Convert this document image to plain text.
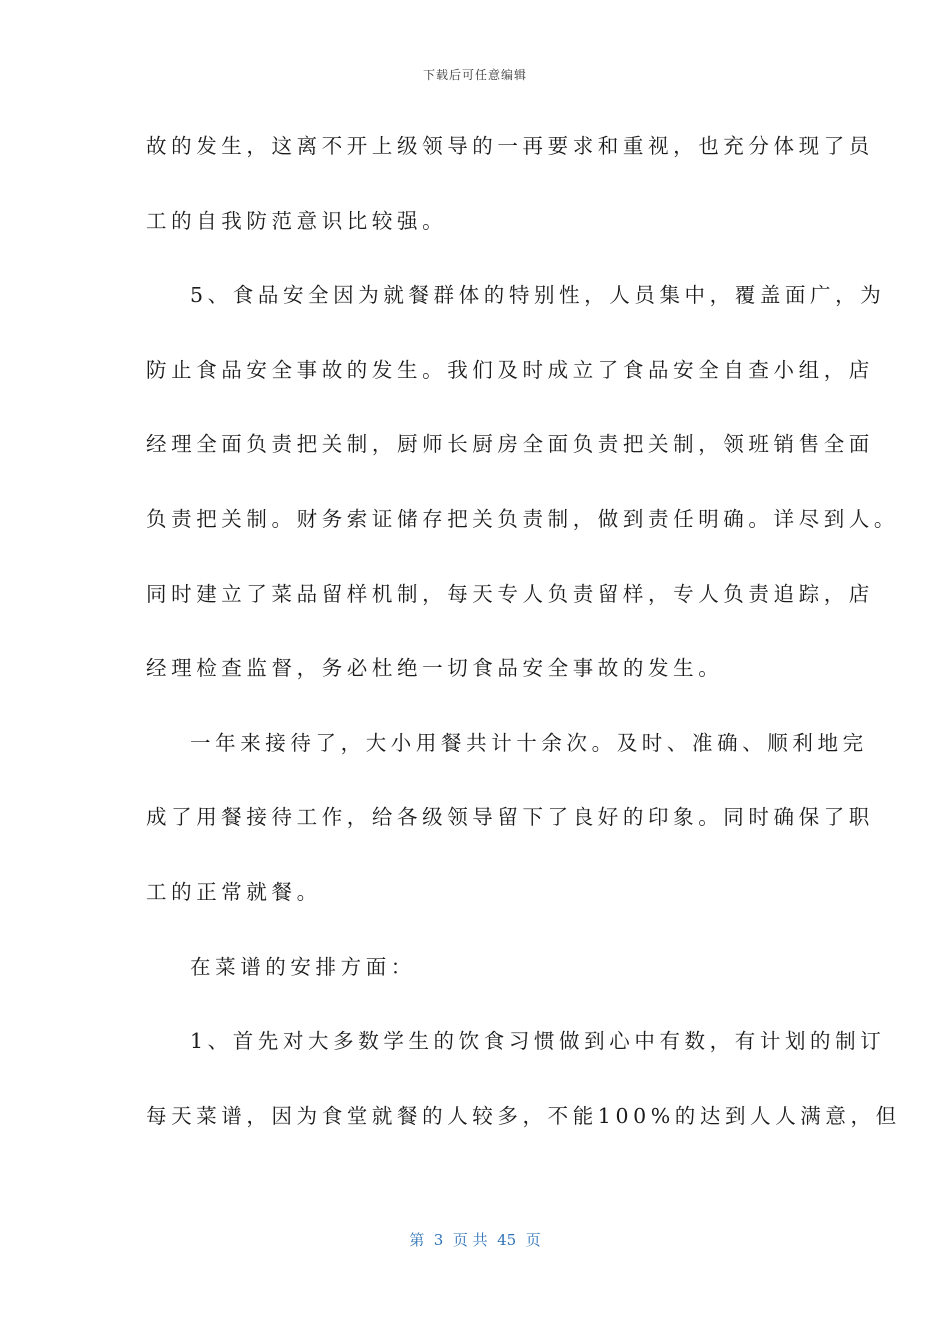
下载后可任意编辑
故的发生，这离不开上级领导的一再要求和重视，也充分体现了员
工的自我防范意识比较强。
5、食品安全因为就餐群体的特别性，人员集中，覆盖面广，为
防止食品安全事故的发生。我们及时成立了食品安全自查小组，店
经理全面负责把关制，厨师长厨房全面负责把关制，领班销售全面
负责把关制。财务索证储存把关负责制，做到责任明确。详尽到人。
同时建立了菜品留样机制，每天专人负责留样，专人负责追踪，店
经理检查监督，务必杜绝一切食品安全事故的发生。
一年来接待了，大小用餐共计十余次。及时、准确、顺利地完
成了用餐接待工作，给各级领导留下了良好的印象。同时确保了职
工的正常就餐。
在菜谱的安排方面：
1、首先对大多数学生的饮食习惯做到心中有数，有计划的制订
每天菜谱，因为食堂就餐的人较多，不能100%的达到人人满意，但
第  3  页 共  45  页
